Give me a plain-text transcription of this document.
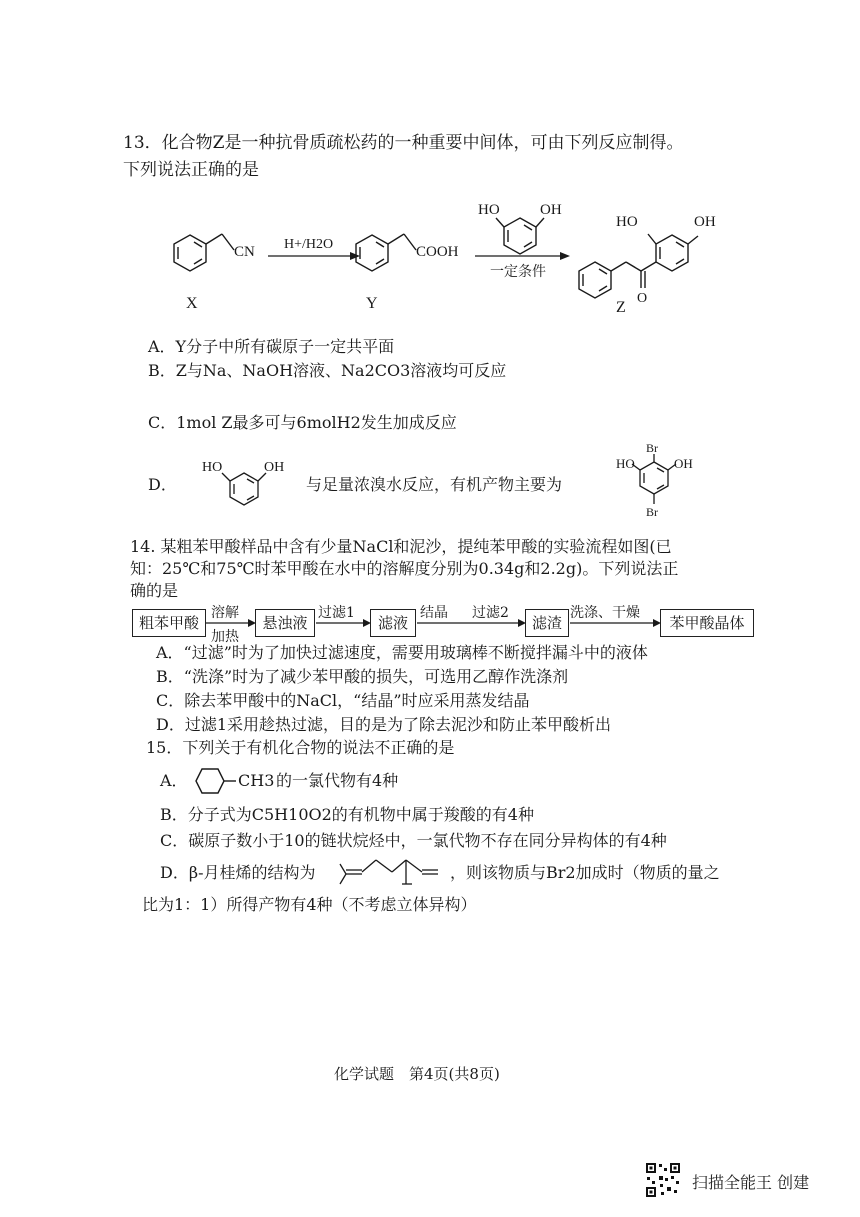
13．化合物Z是一种抗骨质疏松药的一种重要中间体，可由下列反应制得。
下列说法正确的是
CN
X
H+/H2O	COOH
Y
HO	OH
一定条件
HO	OH
O
Z
A．Y分子中所有碳原子一定共平面
B．Z与Na、NaOH溶液、Na2CO3溶液均可反应
C．1mol Z最多可与6molH2发生加成反应
D．
HO	OH
与足量浓溴水反应，有机产物主要为
Br
HO	OH
Br
14. 某粗苯甲酸样品中含有少量NaCl和泥沙，提纯苯甲酸的实验流程如图(已
知：25℃和75℃时苯甲酸在水中的溶解度分别为0.34g和2.2g)。下列说法正
确的是
粗苯甲酸
溶解
加热
悬浊液
过滤1
滤液
结晶 过滤2
滤渣
洗涤、干燥
苯甲酸晶体
A．“过滤”时为了加快过滤速度，需要用玻璃棒不断搅拌漏斗中的液体
B．“洗涤”时为了减少苯甲酸的损失，可选用乙醇作洗涤剂
C．除去苯甲酸中的NaCl，“结晶”时应采用蒸发结晶
D．过滤1采用趁热过滤，目的是为了除去泥沙和防止苯甲酸析出
15．下列关于有机化合物的说法不正确的是
A．	CH3 的一氯代物有4种
B．分子式为C5H10O2的有机物中属于羧酸的有4种
C．碳原子数小于10的链状烷烃中，一氯代物不存在同分异构体的有4种
D．β-月桂烯的结构为	，则该物质与Br2加成时（物质的量之
比为1：1）所得产物有4种（不考虑立体异构）
化学试题　第4页(共8页)
扫描全能王 创建
